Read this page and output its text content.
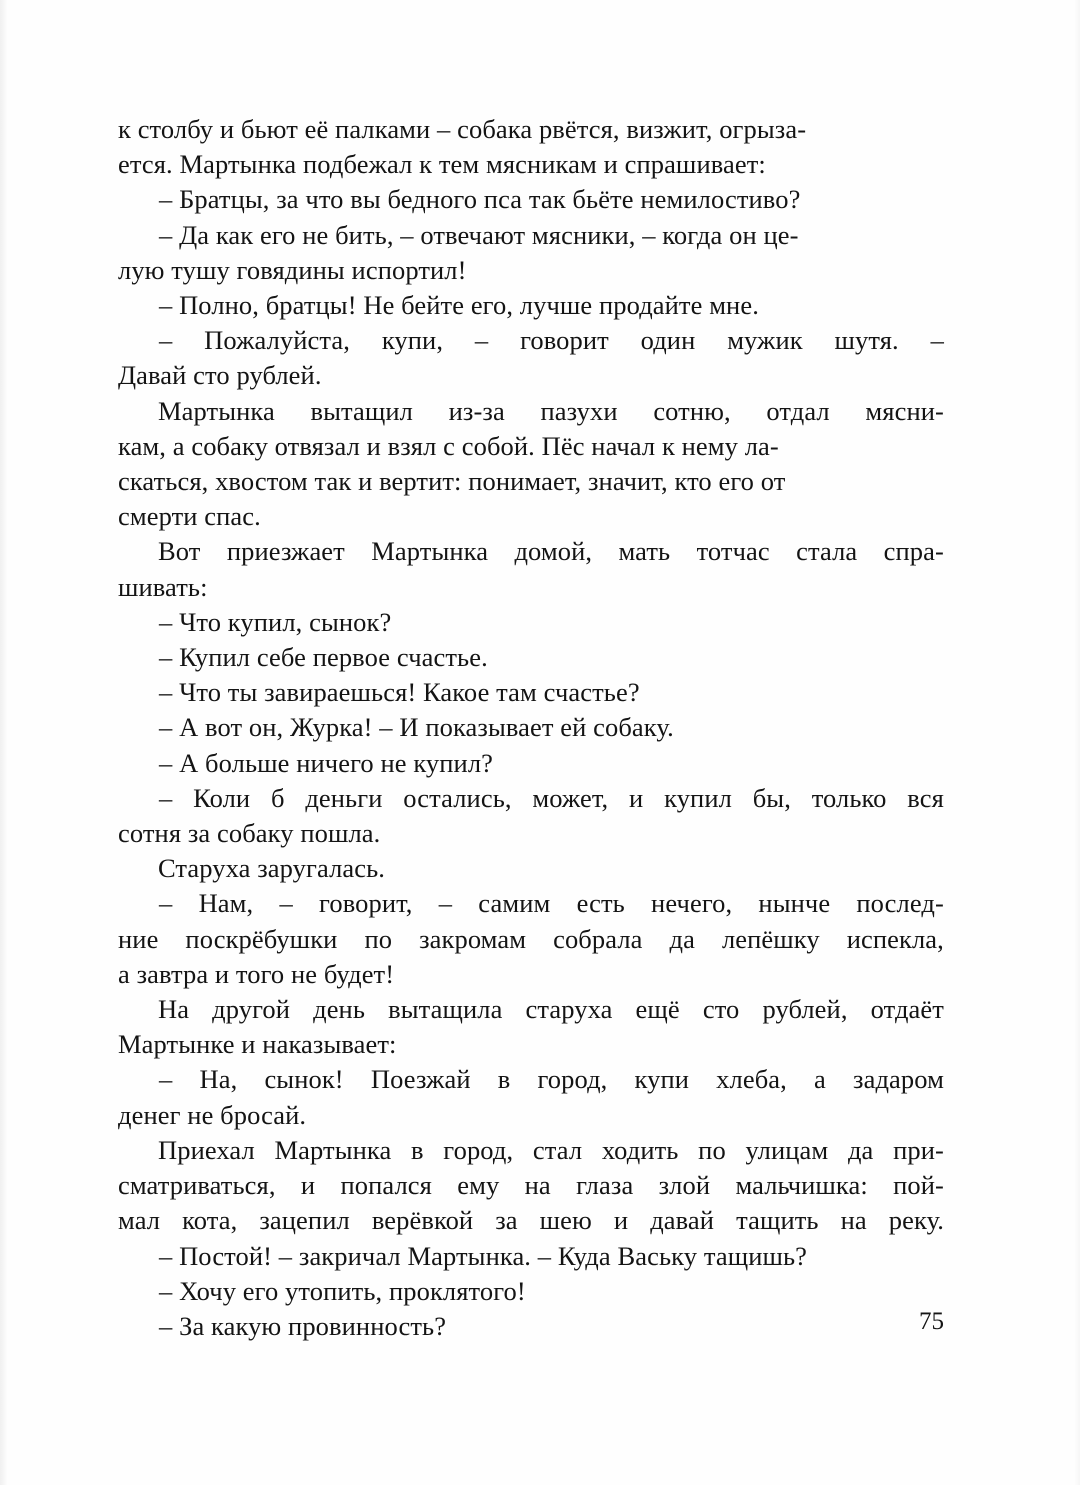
к столбу и бьют её палками – собака рвётся, визжит, огрыза-
ется. Мартынка подбежал к тем мясникам и спрашивает:
– Братцы, за что вы бедного пса так бьёте немилостиво?
– Да как его не бить, – отвечают мясники, – когда он це-
лую тушу говядины испортил!
– Полно, братцы! Не бейте его, лучше продайте мне.
– Пожалуйста, купи, – говорит один мужик шутя. –
Давай сто рублей.
Мартынка вытащил из-за пазухи сотню, отдал мясни-
кам, а собаку отвязал и взял с собой. Пёс начал к нему ла-
скаться, хвостом так и вертит: понимает, значит, кто его от
смерти спас.
Вот приезжает Мартынка домой, мать тотчас стала спра-
шивать:
– Что купил, сынок?
– Купил себе первое счастье.
– Что ты завираешься! Какое там счастье?
– А вот он, Журка! – И показывает ей собаку.
– А больше ничего не купил?
– Коли б деньги остались, может, и купил бы, только вся
сотня за собаку пошла.
Старуха заругалась.
– Нам, – говорит, – самим есть нечего, нынче послед-
ние поскрёбушки по закромам собрала да лепёшку испекла,
а завтра и того не будет!
На другой день вытащила старуха ещё сто рублей, отдаёт
Мартынке и наказывает:
– На, сынок! Поезжай в город, купи хлеба, а задаром
денег не бросай.
Приехал Мартынка в город, стал ходить по улицам да при-
сматриваться, и попался ему на глаза злой мальчишка: пой-
мал кота, зацепил верёвкой за шею и давай тащить на реку.
– Постой! – закричал Мартынка. – Куда Ваську тащишь?
– Хочу его утопить, проклятого!
– За какую провинность?	75
